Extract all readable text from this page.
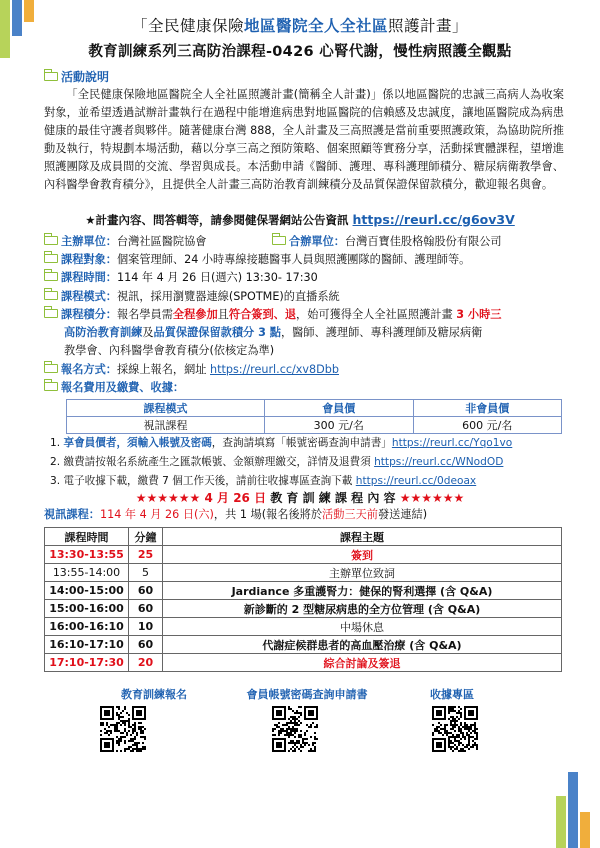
「全民健康保險地區醫院全人全社區照護計畫」
教育訓練系列三高防治課程-0426 心腎代謝，慢性病照護全觀點
活動說明
「全民健康保險地區醫院全人全社區照護計畫(簡稱全人計畫)」係以地區醫院的忠誠三高病人為收案對象，並希望透過試辦計畫執行在過程中能增進病患對地區醫院的信賴感及忠誠度，讓地區醫院成為病患健康的最佳守護者與夥伴。隨著健康台灣 888，全人計畫及三高照護是當前重要照護政策，為協助院所推動及執行，特規劃本場活動，藉以分享三高之預防策略、個案照顧等實務分享，活動採實體課程，望增進照護團隊及成員間的交流、學習與成長。本活動申請《醫師、護理、專科護理師積分、糖尿病衛教學會、內科醫學會教育積分》，且提供全人計畫三高防治教育訓練積分及品質保證保留款積分，歡迎報名與會。
★計畫內容、問答輯等，請參閱健保署網站公告資訊 https://reurl.cc/g6ov3V
主辦單位：台灣社區醫院協會	合辦單位：台灣百寶佳股格翰股份有限公司
課程對象：個案管理師、24 小時專線接聽醫事人員與照護團隊的醫師、護理師等。
課程時間：114 年 4 月 26 日(週六) 13:30- 17:30
課程模式：視訊，採用瀏覽器連線(SPOTME)的直播系統
課程積分：報名學員需全程參加且符合簽到、退，始可獲得全人全社區照護計畫 3 小時三
高防治教育訓練及品質保證保留款積分 3 點，醫師、護理師、專科護理師及糖尿病衛
教學會、內科醫學會教育積分(依核定為準)
報名方式：採線上報名，網址 https://reurl.cc/xv8Dbb
報名費用及繳費、收據：
課程模式	會員價	非會員價
視訊課程	300 元/名	600 元/名
1. 享會員價者，須輸入帳號及密碼，查詢請填寫「帳號密碼查詢申請書」https://reurl.cc/Yqo1vo
2. 繳費請按報名系統產生之匯款帳號、金額辦理繳交，詳情及退費須 https://reurl.cc/WNodOD
3. 電子收據下載，繳費 7 個工作天後，請前往收據專區查詢下載 https://reurl.cc/0deoax
★★★★★★ 4 月 26 日 教 育 訓 練 課 程 內 容 ★★★★★★
視訊課程：114 年 4 月 26 日(六)，共 1 場(報名後將於活動三天前發送連結)
課程時間	分鐘	課程主題
13:30-13:55	25	簽到
13:55-14:00	5	主辦單位致詞
14:00-15:00	60	Jardiance 多重護腎力：健保的腎利選擇 (含 Q&A)
15:00-16:00	60	新診斷的 2 型糖尿病患的全方位管理 (含 Q&A)
16:00-16:10	10	中場休息
16:10-17:10	60	代謝症候群患者的高血壓治療 (含 Q&A)
17:10-17:30	20	綜合討論及簽退
教育訓練報名	會員帳號密碼查詢申請書	收據專區
